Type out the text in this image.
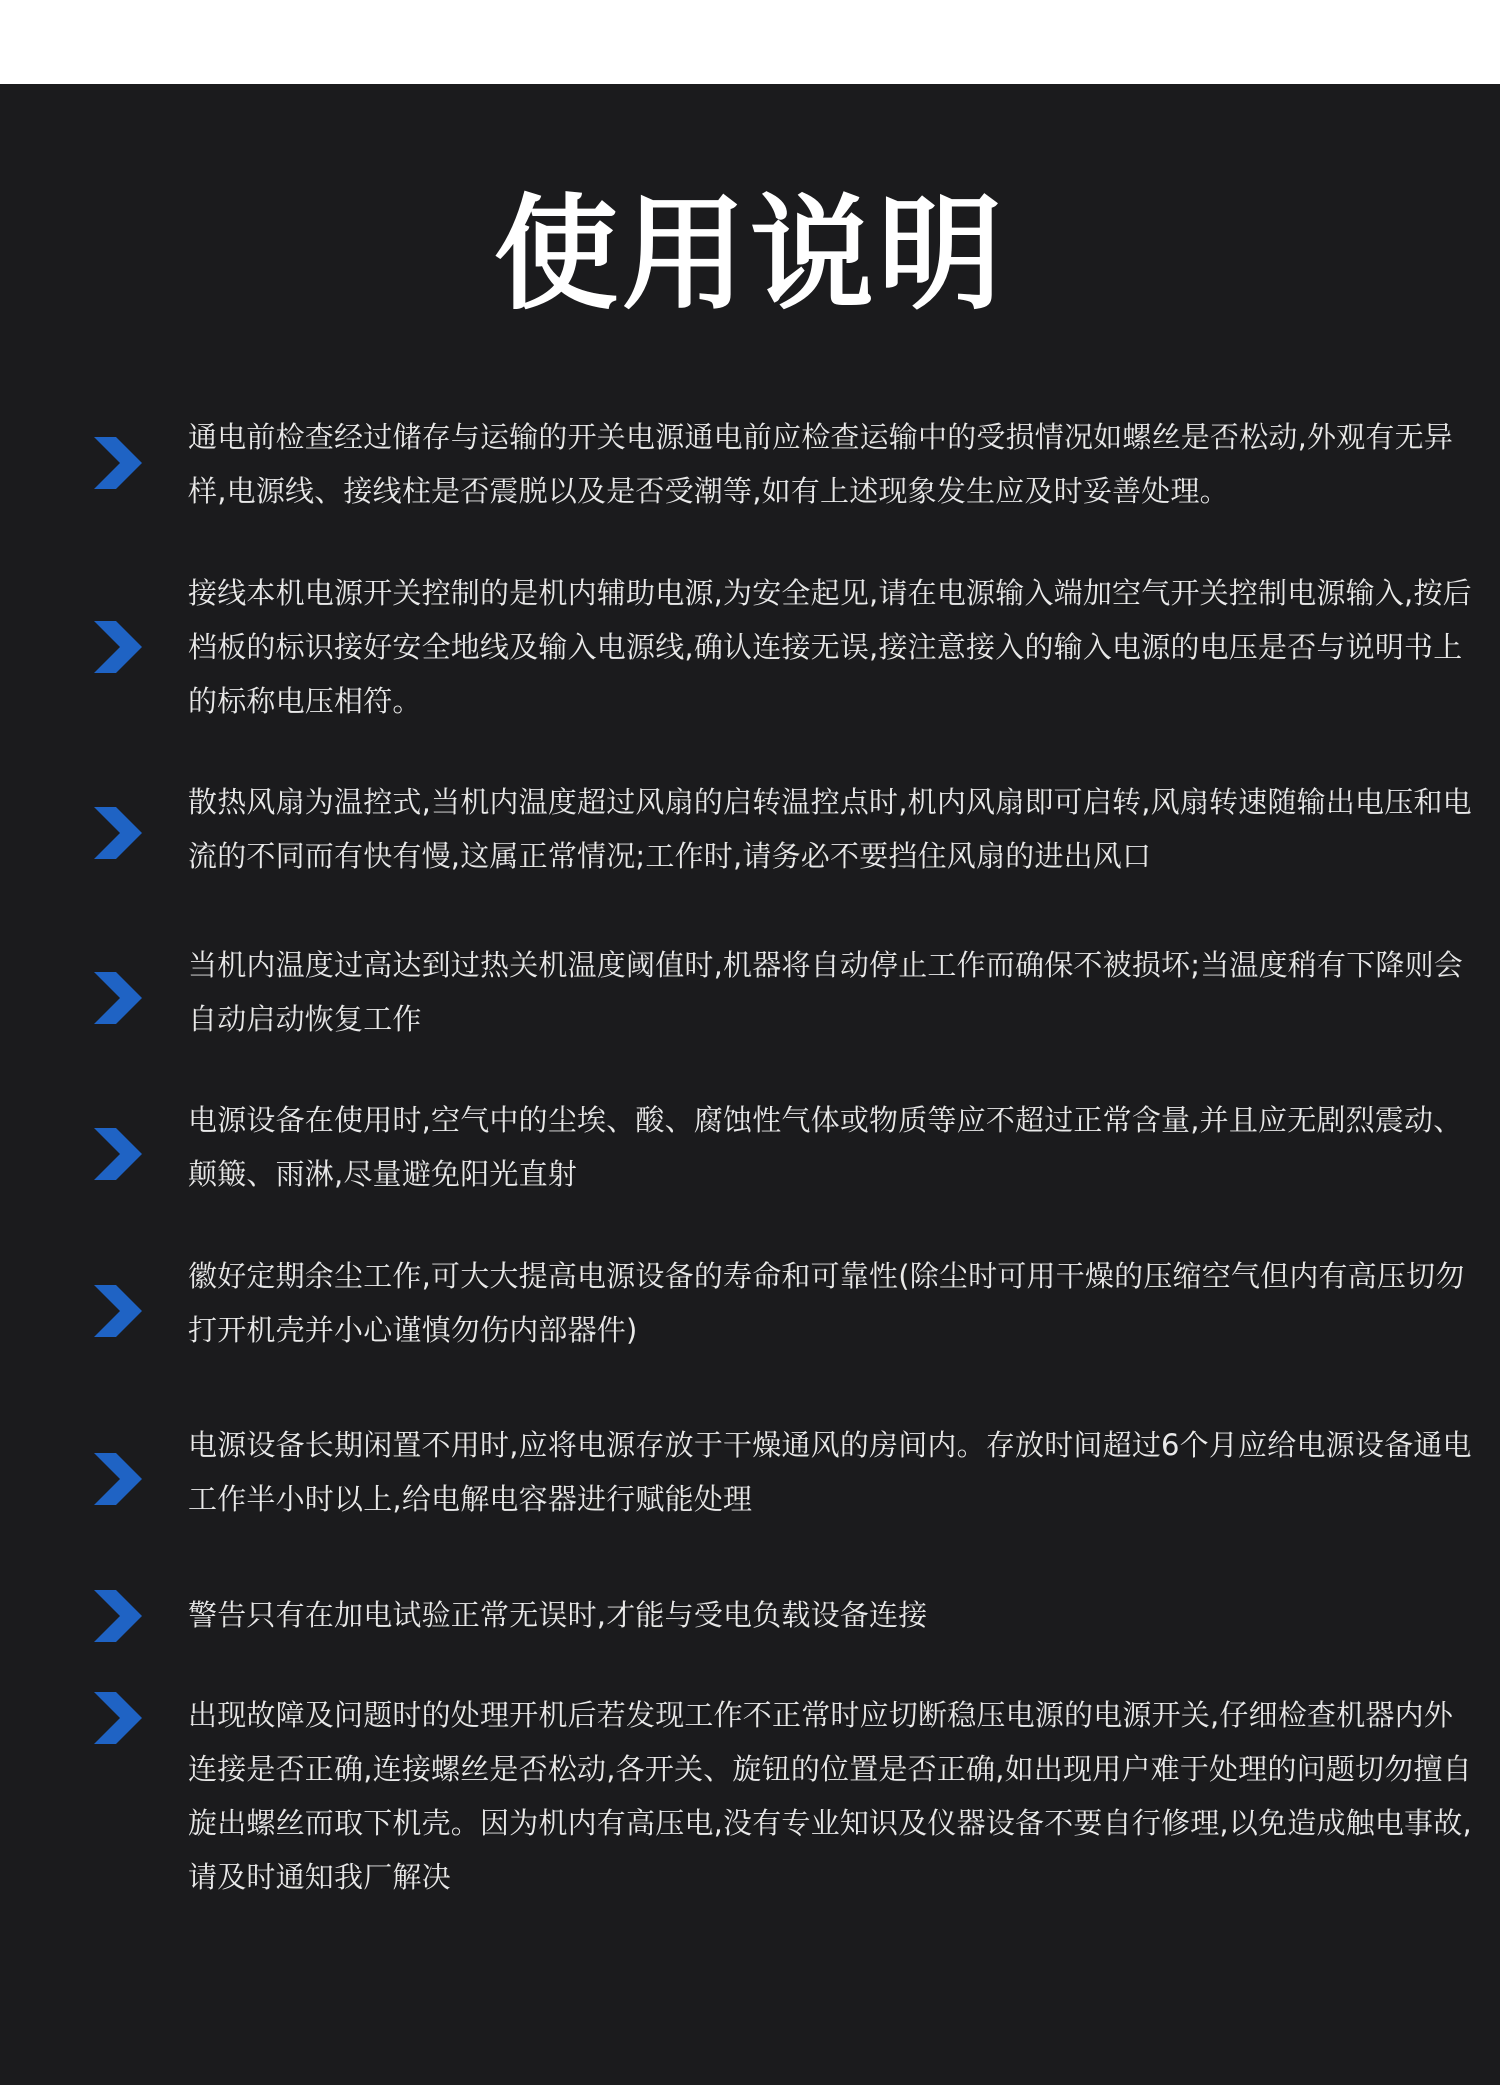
使用说明
通电前检查经过储存与运输的开关电源通电前应检查运输中的受损情况如螺丝是否松动,外观有无异样,电源线、接线柱是否震脱以及是否受潮等,如有上述现象发生应及时妥善处理。
接线本机电源开关控制的是机内辅助电源,为安全起见,请在电源输入端加空气开关控制电源输入,按后档板的标识接好安全地线及输入电源线,确认连接无误,接注意接入的输入电源的电压是否与说明书上的标称电压相符。
散热风扇为温控式,当机内温度超过风扇的启转温控点时,机内风扇即可启转,风扇转速随输出电压和电流的不同而有快有慢,这属正常情况;工作时,请务必不要挡住风扇的进出风口
当机内温度过高达到过热关机温度阈值时,机器将自动停止工作而确保不被损坏;当温度稍有下降则会自动启动恢复工作
电源设备在使用时,空气中的尘埃、酸、腐蚀性气体或物质等应不超过正常含量,并且应无剧烈震动、颠簸、雨淋,尽量避免阳光直射
徽好定期余尘工作,可大大提高电源设备的寿命和可靠性(除尘时可用干燥的压缩空气但内有高压切勿打开机壳并小心谨慎勿伤内部器件)
电源设备长期闲置不用时,应将电源存放于干燥通风的房间内。存放时间超过6个月应给电源设备通电工作半小时以上,给电解电容器进行赋能处理
警告只有在加电试验正常无误时,才能与受电负载设备连接
出现故障及问题时的处理开机后若发现工作不正常时应切断稳压电源的电源开关,仔细检查机器内外连接是否正确,连接螺丝是否松动,各开关、旋钮的位置是否正确,如出现用户难于处理的问题切勿擅自旋出螺丝而取下机壳。因为机内有高压电,没有专业知识及仪器设备不要自行修理,以免造成触电事故,请及时通知我厂解决
